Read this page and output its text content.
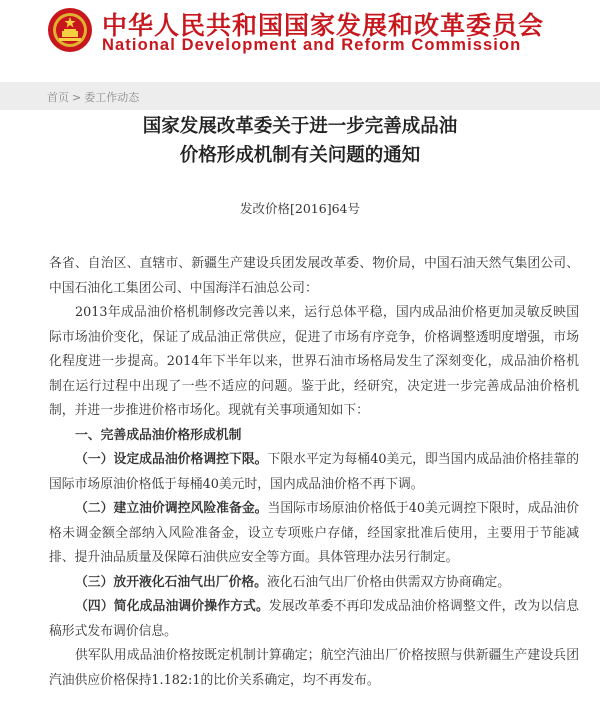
中华人民共和国国家发展和改革委员会
National Development and Reform Commission
首页 > 委工作动态
国家发展改革委关于进一步完善成品油
价格形成机制有关问题的通知
发改价格[2016]64号

各省、自治区、直辖市、新疆生产建设兵团发展改革委、物价局，中国石油天然气集团公司、中国石油化工集团公司、中国海洋石油总公司：

2013年成品油价格机制修改完善以来，运行总体平稳，国内成品油价格更加灵敏反映国际市场油价变化，保证了成品油正常供应，促进了市场有序竞争，价格调整透明度增强，市场化程度进一步提高。2014年下半年以来，世界石油市场格局发生了深刻变化，成品油价格机制在运行过程中出现了一些不适应的问题。鉴于此，经研究，决定进一步完善成品油价格机制，并进一步推进价格市场化。现就有关事项通知如下：

一、完善成品油价格形成机制

（一）设定成品油价格调控下限。下限水平定为每桶40美元，即当国内成品油价格挂靠的国际市场原油价格低于每桶40美元时，国内成品油价格不再下调。

（二）建立油价调控风险准备金。当国际市场原油价格低于40美元调控下限时，成品油价格未调金额全部纳入风险准备金，设立专项账户存储，经国家批准后使用，主要用于节能减排、提升油品质量及保障石油供应安全等方面。具体管理办法另行制定。

（三）放开液化石油气出厂价格。液化石油气出厂价格由供需双方协商确定。

（四）简化成品油调价操作方式。发展改革委不再印发成品油价格调整文件，改为以信息稿形式发布调价信息。

供军队用成品油价格按既定机制计算确定；航空汽油出厂价格按照与供新疆生产建设兵团汽油供应价格保持1.182:1的比价关系确定，均不再发布。
